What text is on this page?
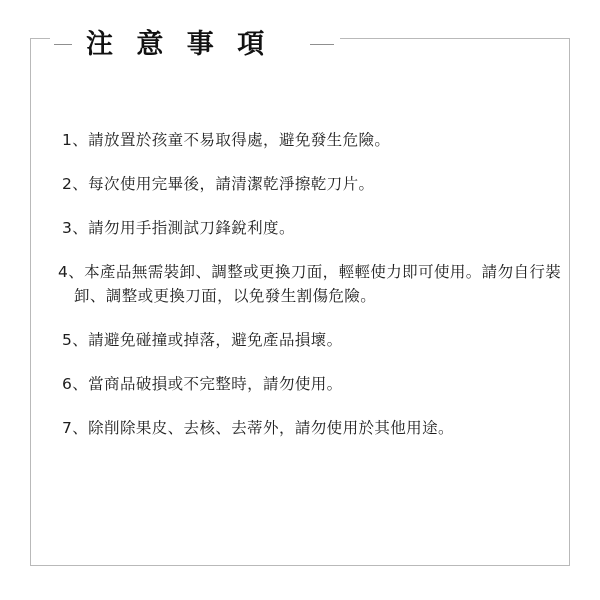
注 意 事 項
1、請放置於孩童不易取得處，避免發生危險。
2、每次使用完畢後，請清潔乾淨擦乾刀片。
3、請勿用手指測試刀鋒銳利度。
4、本產品無需裝卸、調整或更換刀面，輕輕使力即可使用。請勿自行裝卸、調整或更換刀面，以免發生割傷危險。
5、請避免碰撞或掉落，避免產品損壞。
6、當商品破損或不完整時，請勿使用。
7、除削除果皮、去核、去蒂外，請勿使用於其他用途。
